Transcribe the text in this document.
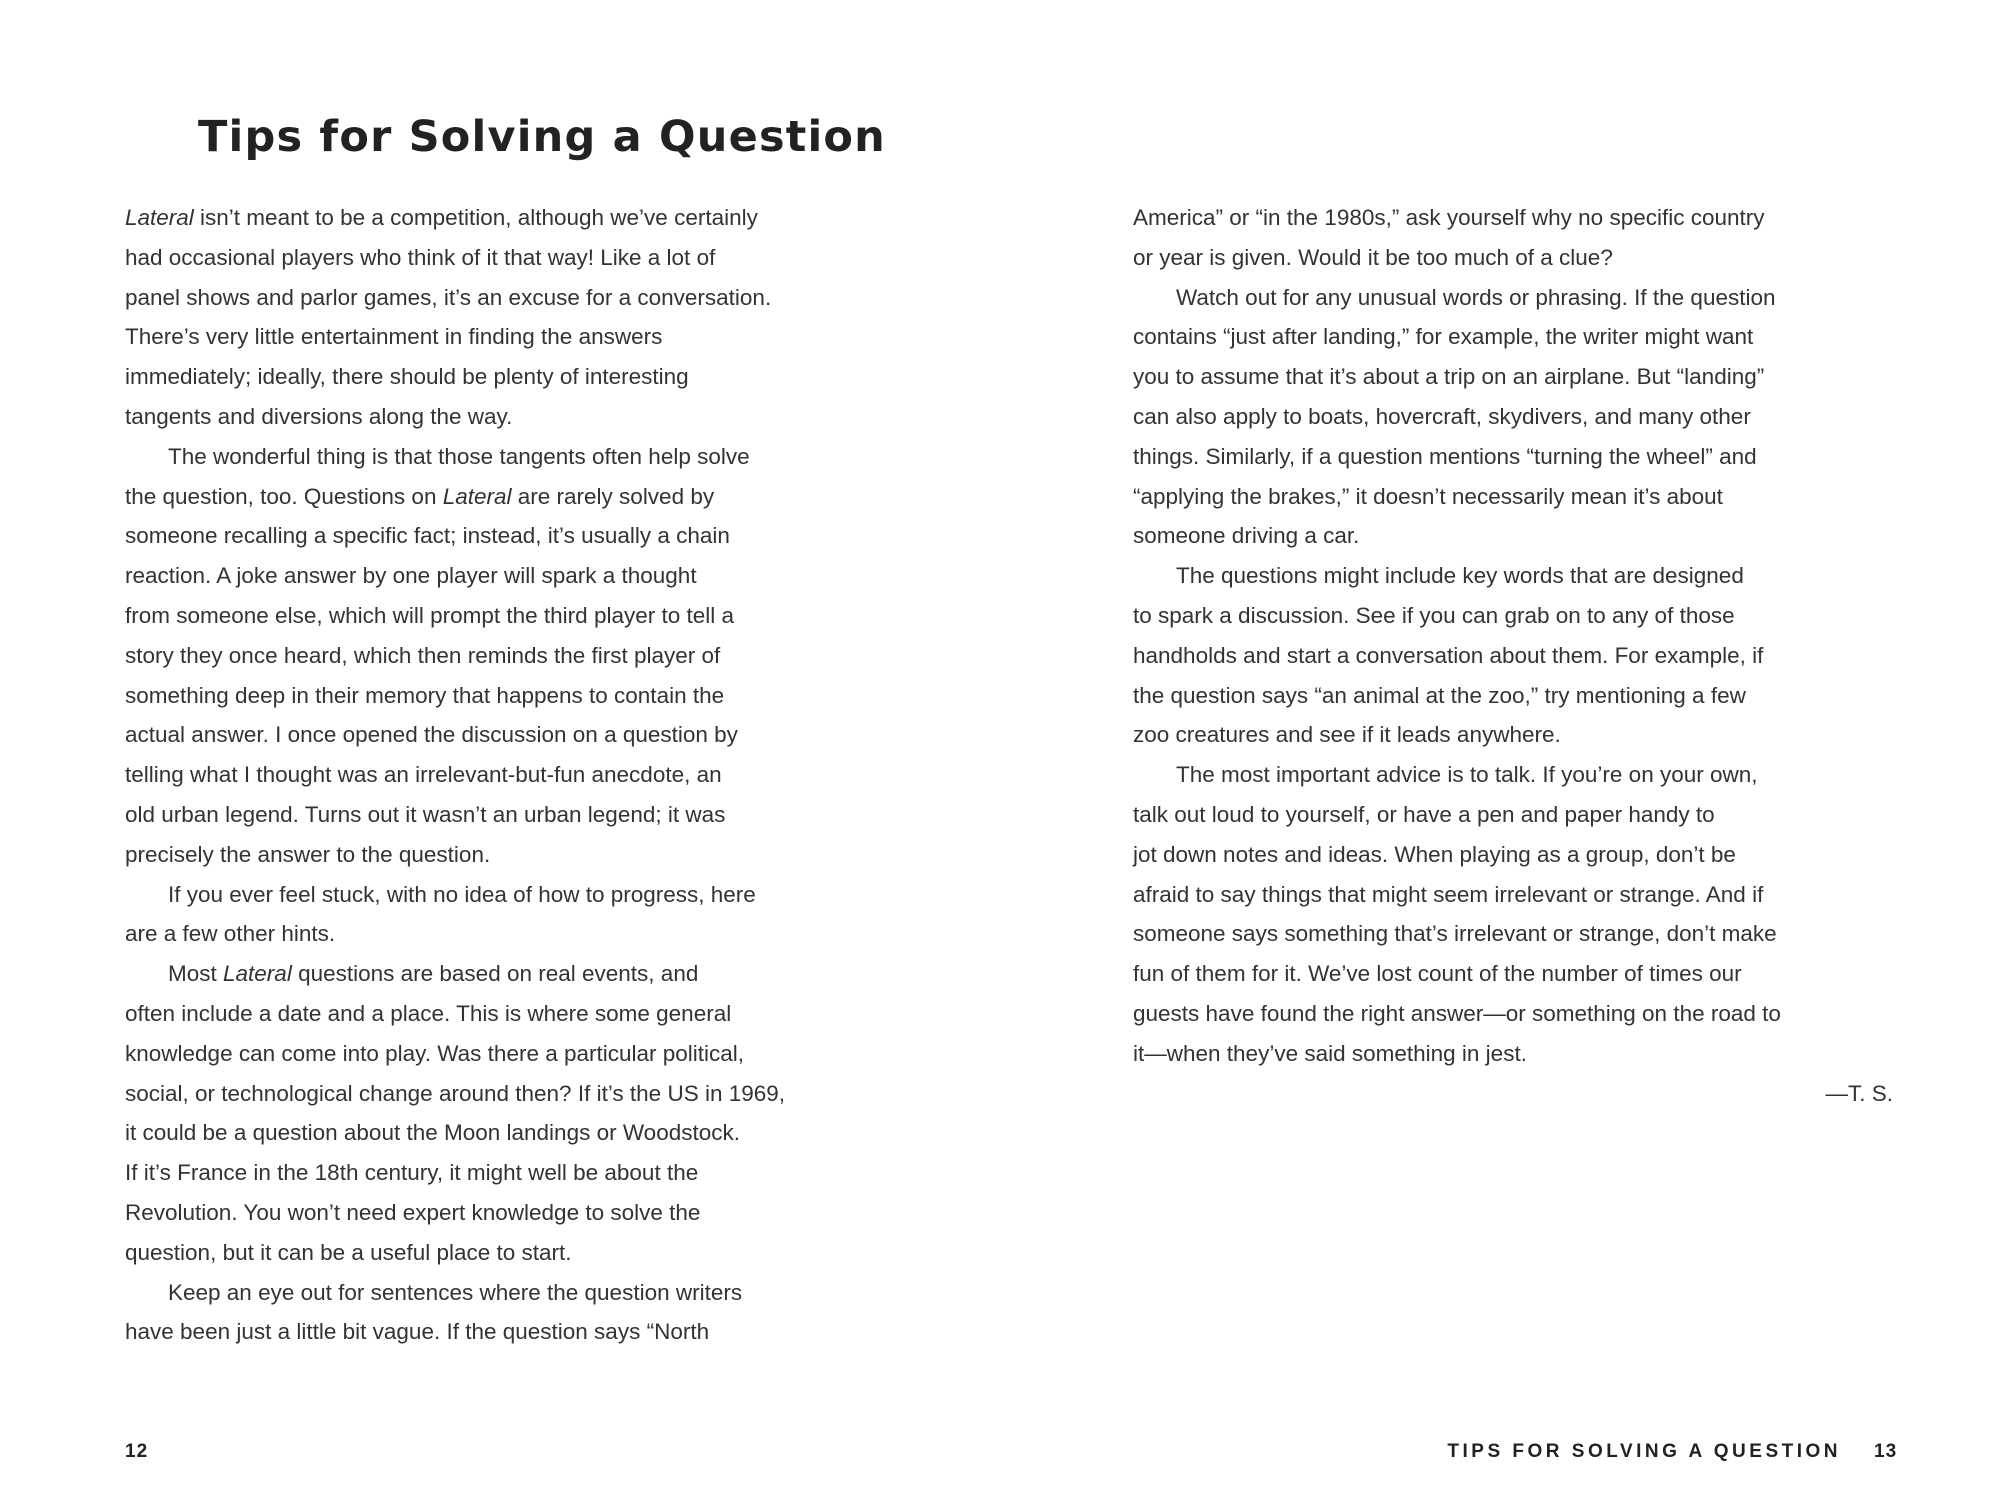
Tips for Solving a Question
Lateral isn’t meant to be a competition, although we’ve certainly
had occasional players who think of it that way! Like a lot of
panel shows and parlor games, it’s an excuse for a conversation.
There’s very little entertainment in finding the answers
immediately; ideally, there should be plenty of interesting
tangents and diversions along the way.
The wonderful thing is that those tangents often help solve
the question, too. Questions on Lateral are rarely solved by
someone recalling a specific fact; instead, it’s usually a chain
reaction. A joke answer by one player will spark a thought
from someone else, which will prompt the third player to tell a
story they once heard, which then reminds the first player of
something deep in their memory that happens to contain the
actual answer. I once opened the discussion on a question by
telling what I thought was an irrelevant-but-fun anecdote, an
old urban legend. Turns out it wasn’t an urban legend; it was
precisely the answer to the question.
If you ever feel stuck, with no idea of how to progress, here
are a few other hints.
Most Lateral questions are based on real events, and
often include a date and a place. This is where some general
knowledge can come into play. Was there a particular political,
social, or technological change around then? If it’s the US in 1969,
it could be a question about the Moon landings or Woodstock.
If it’s France in the 18th century, it might well be about the
Revolution. You won’t need expert knowledge to solve the
question, but it can be a useful place to start.
Keep an eye out for sentences where the question writers
have been just a little bit vague. If the question says “North
12
America” or “in the 1980s,” ask yourself why no specific country
or year is given. Would it be too much of a clue?
Watch out for any unusual words or phrasing. If the question
contains “just after landing,” for example, the writer might want
you to assume that it’s about a trip on an airplane. But “landing”
can also apply to boats, hovercraft, skydivers, and many other
things. Similarly, if a question mentions “turning the wheel” and
“applying the brakes,” it doesn’t necessarily mean it’s about
someone driving a car.
The questions might include key words that are designed
to spark a discussion. See if you can grab on to any of those
handholds and start a conversation about them. For example, if
the question says “an animal at the zoo,” try mentioning a few
zoo creatures and see if it leads anywhere.
The most important advice is to talk. If you’re on your own,
talk out loud to yourself, or have a pen and paper handy to
jot down notes and ideas. When playing as a group, don’t be
afraid to say things that might seem irrelevant or strange. And if
someone says something that’s irrelevant or strange, don’t make
fun of them for it. We’ve lost count of the number of times our
guests have found the right answer—or something on the road to
it—when they’ve said something in jest.
—T. S.
TIPS FOR SOLVING A QUESTION 13
